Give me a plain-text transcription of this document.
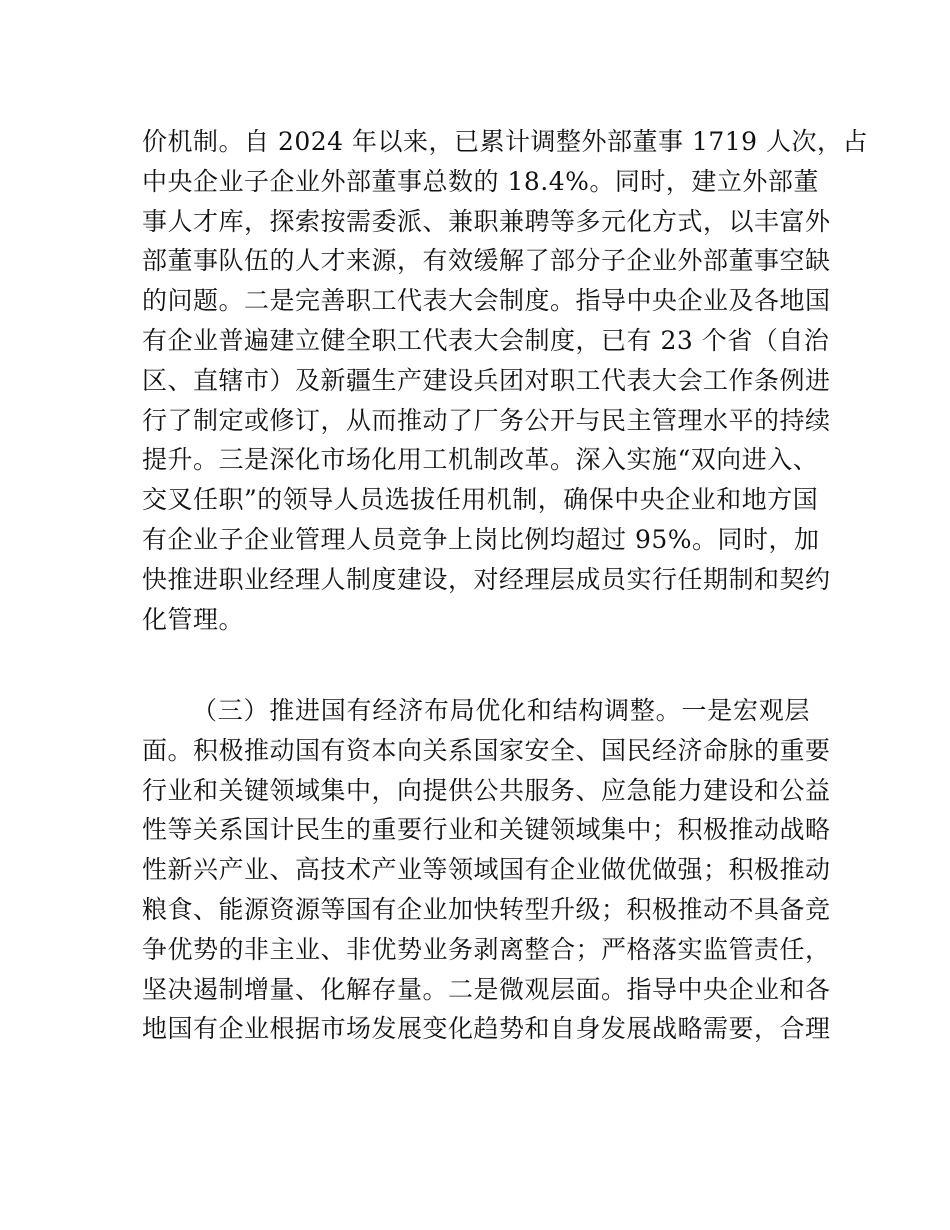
价机制。自 2024 年以来，已累计调整外部董事 1719 人次，占
中央企业子企业外部董事总数的 18.4%。同时，建立外部董
事人才库，探索按需委派、兼职兼聘等多元化方式，以丰富外
部董事队伍的人才来源，有效缓解了部分子企业外部董事空缺
的问题。二是完善职工代表大会制度。指导中央企业及各地国
有企业普遍建立健全职工代表大会制度，已有 23 个省（自治
区、直辖市）及新疆生产建设兵团对职工代表大会工作条例进
行了制定或修订，从而推动了厂务公开与民主管理水平的持续
提升。三是深化市场化用工机制改革。深入实施“双向进入、
交叉任职”的领导人员选拔任用机制，确保中央企业和地方国
有企业子企业管理人员竞争上岗比例均超过 95%。同时，加
快推进职业经理人制度建设，对经理层成员实行任期制和契约
化管理。
（三）推进国有经济布局优化和结构调整。一是宏观层
面。积极推动国有资本向关系国家安全、国民经济命脉的重要
行业和关键领域集中，向提供公共服务、应急能力建设和公益
性等关系国计民生的重要行业和关键领域集中；积极推动战略
性新兴产业、高技术产业等领域国有企业做优做强；积极推动
粮食、能源资源等国有企业加快转型升级；积极推动不具备竞
争优势的非主业、非优势业务剥离整合；严格落实监管责任，
坚决遏制增量、化解存量。二是微观层面。指导中央企业和各
地国有企业根据市场发展变化趋势和自身发展战略需要，合理
